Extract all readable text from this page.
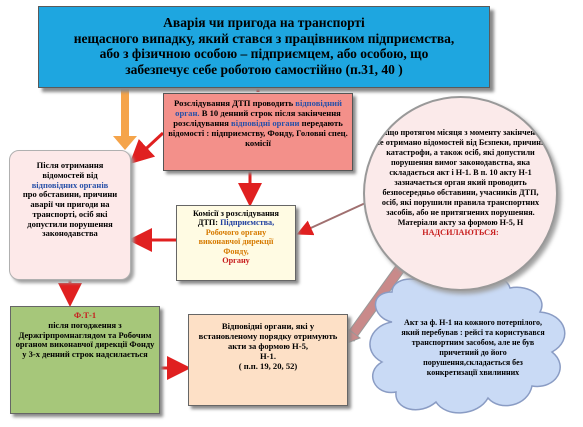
Аварія чи пригода на транспорті
нещасного випадку, який стався з працівником підприємства,
або з фізичною особою – підприємцем, або особою, що
забезпечує себе роботою самостійно (п.31, 40 )
Після отримання
відомостей від
відповідних органів
про обставини, причини аварії чи пригоди на транспорті, осіб які допустили порушення законодавства
Розслідування ДТП проводить відповідний орган. В 10 денний строк після закінчення розслідування відповідні органи передають відомості : підприємству, Фонду, Головні спец. комісії
Комісії з розслідування
ДТП: Підприємства,
Робочого органу
виконавчої дирекції
Фонду,
Органу
Якщо протягом місяця з моменту закінчення не отримано відомостей від Бєзпеки, причини катастрофи, а також осіб, які допустили порушення вимог законодавства, яка складається акт і Н-1. В п. 10 акту Н-1 зазначається орган який проводить безпосередньо обставини, учасників ДТП, осіб, які порушили правила транспортних засобів, або не притягнених порушення. Матеріали акту за формою Н-5, Н НАДСИЛАЮТЬСЯ:
Ф.Т-1
після погодження з Держгірпромнаглядом та Робочим органом виконавчої дирекції Фонду у 3-х денний строк надсилається
Відповідні органи, які у встановленому порядку отримують акти за формою Н-5,
Н-1.
( п.п. 19, 20, 52)
Акт за ф. Н-1 на кожного потерпілого, який перебував : рейсі та користувався транспортним засобом, але не був причетний до його порушення,складається без конкретизації хвилинних
